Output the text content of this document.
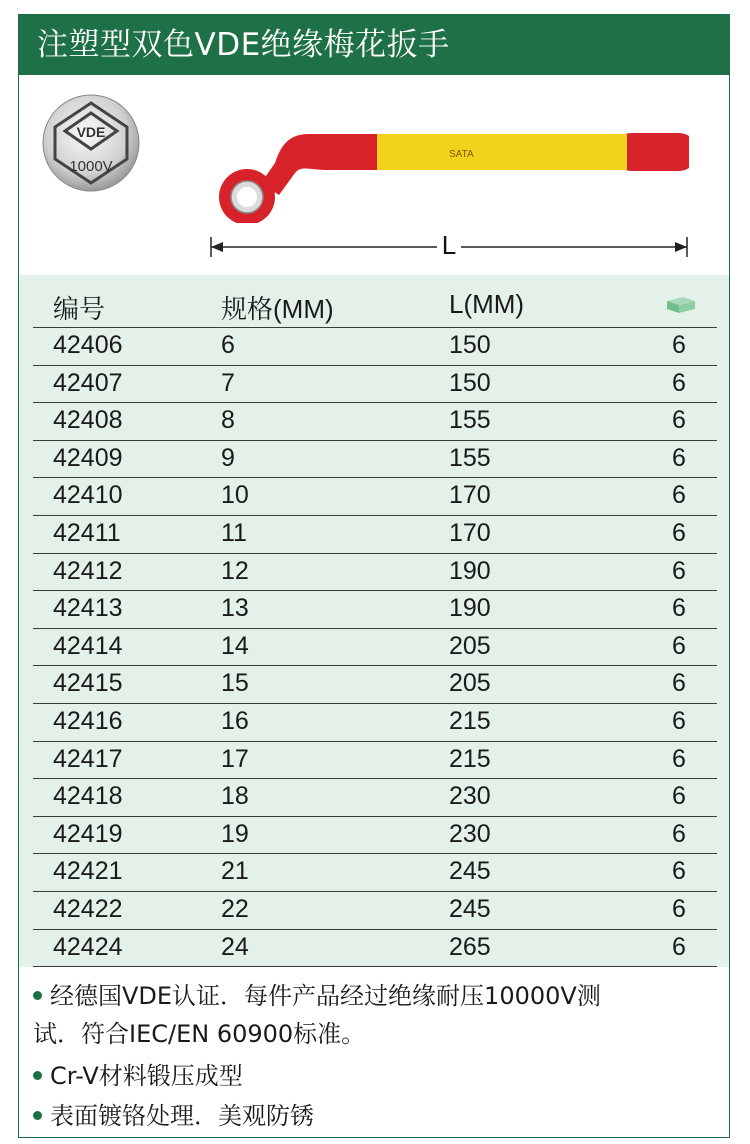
注塑型双色VDE绝缘梅花扳手
VDE
1000V
SATA
L
编号	规格(MM)	L(MM)
42406	6	150	6
42407	7	150	6
42408	8	155	6
42409	9	155	6
42410	10	170	6
42411	11	170	6
42412	12	190	6
42413	13	190	6
42414	14	205	6
42415	15	205	6
42416	16	215	6
42417	17	215	6
42418	18	230	6
42419	19	230	6
42421	21	245	6
42422	22	245	6
42424	24	265	6
经德国VDE认证．每件产品经过绝缘耐压10000V测
试．符合IEC/EN 60900标准。
Cr-V材料锻压成型
表面镀铬处理．美观防锈
